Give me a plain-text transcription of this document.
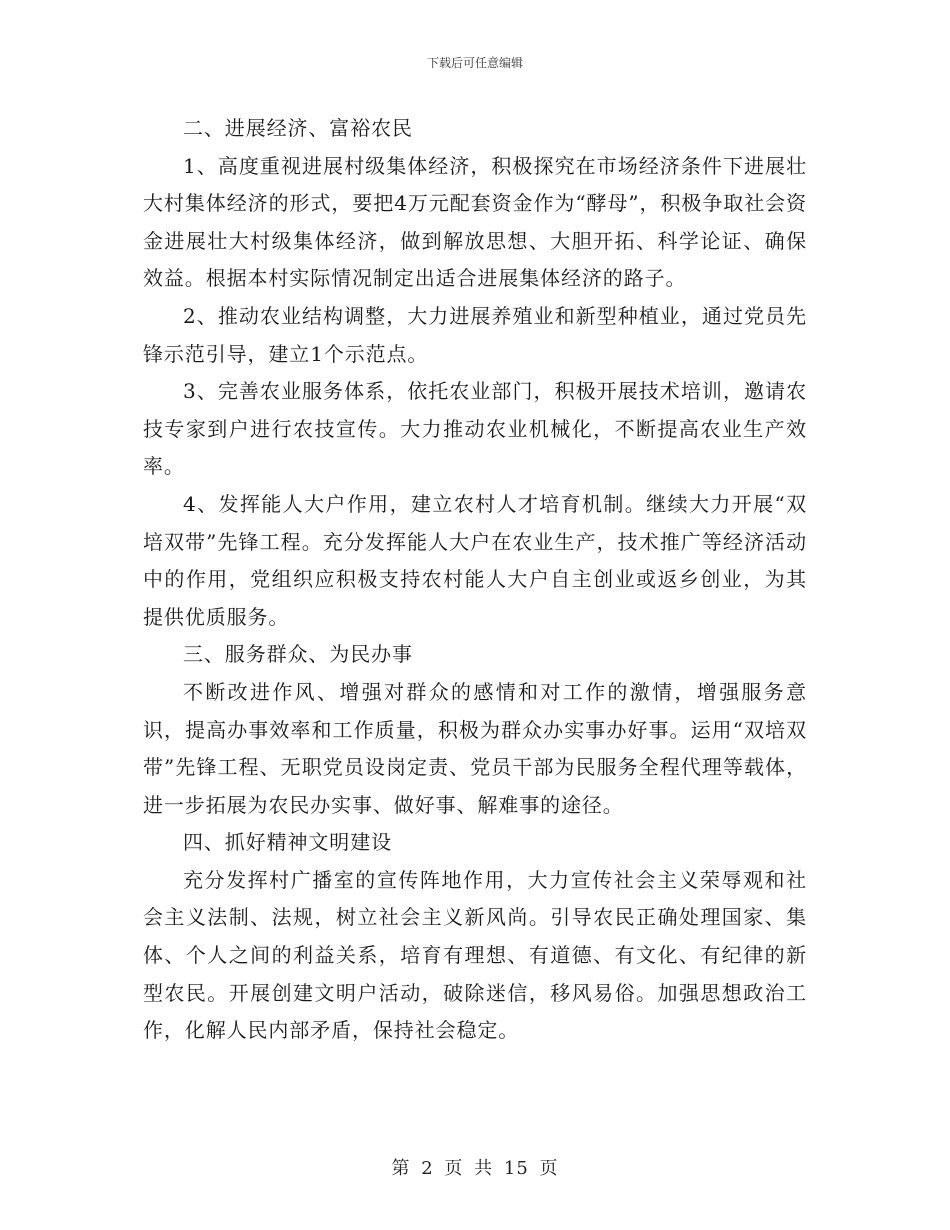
下载后可任意编辑

二、进展经济、富裕农民

1、高度重视进展村级集体经济，积极探究在市场经济条件下进展壮大村集体经济的形式，要把4万元配套资金作为“酵母”，积极争取社会资金进展壮大村级集体经济，做到解放思想、大胆开拓、科学论证、确保效益。根据本村实际情况制定出适合进展集体经济的路子。

2、推动农业结构调整，大力进展养殖业和新型种植业，通过党员先锋示范引导，建立1个示范点。

3、完善农业服务体系，依托农业部门，积极开展技术培训，邀请农技专家到户进行农技宣传。大力推动农业机械化，不断提高农业生产效率。

4、发挥能人大户作用，建立农村人才培育机制。继续大力开展“双培双带”先锋工程。充分发挥能人大户在农业生产，技术推广等经济活动中的作用，党组织应积极支持农村能人大户自主创业或返乡创业，为其提供优质服务。

三、服务群众、为民办事

不断改进作风、增强对群众的感情和对工作的激情，增强服务意识，提高办事效率和工作质量，积极为群众办实事办好事。运用“双培双带”先锋工程、无职党员设岗定责、党员干部为民服务全程代理等载体，进一步拓展为农民办实事、做好事、解难事的途径。

四、抓好精神文明建设

充分发挥村广播室的宣传阵地作用，大力宣传社会主义荣辱观和社会主义法制、法规，树立社会主义新风尚。引导农民正确处理国家、集体、个人之间的利益关系，培育有理想、有道德、有文化、有纪律的新型农民。开展创建文明户活动，破除迷信，移风易俗。加强思想政治工作，化解人民内部矛盾，保持社会稳定。

第 2 页 共 15 页
